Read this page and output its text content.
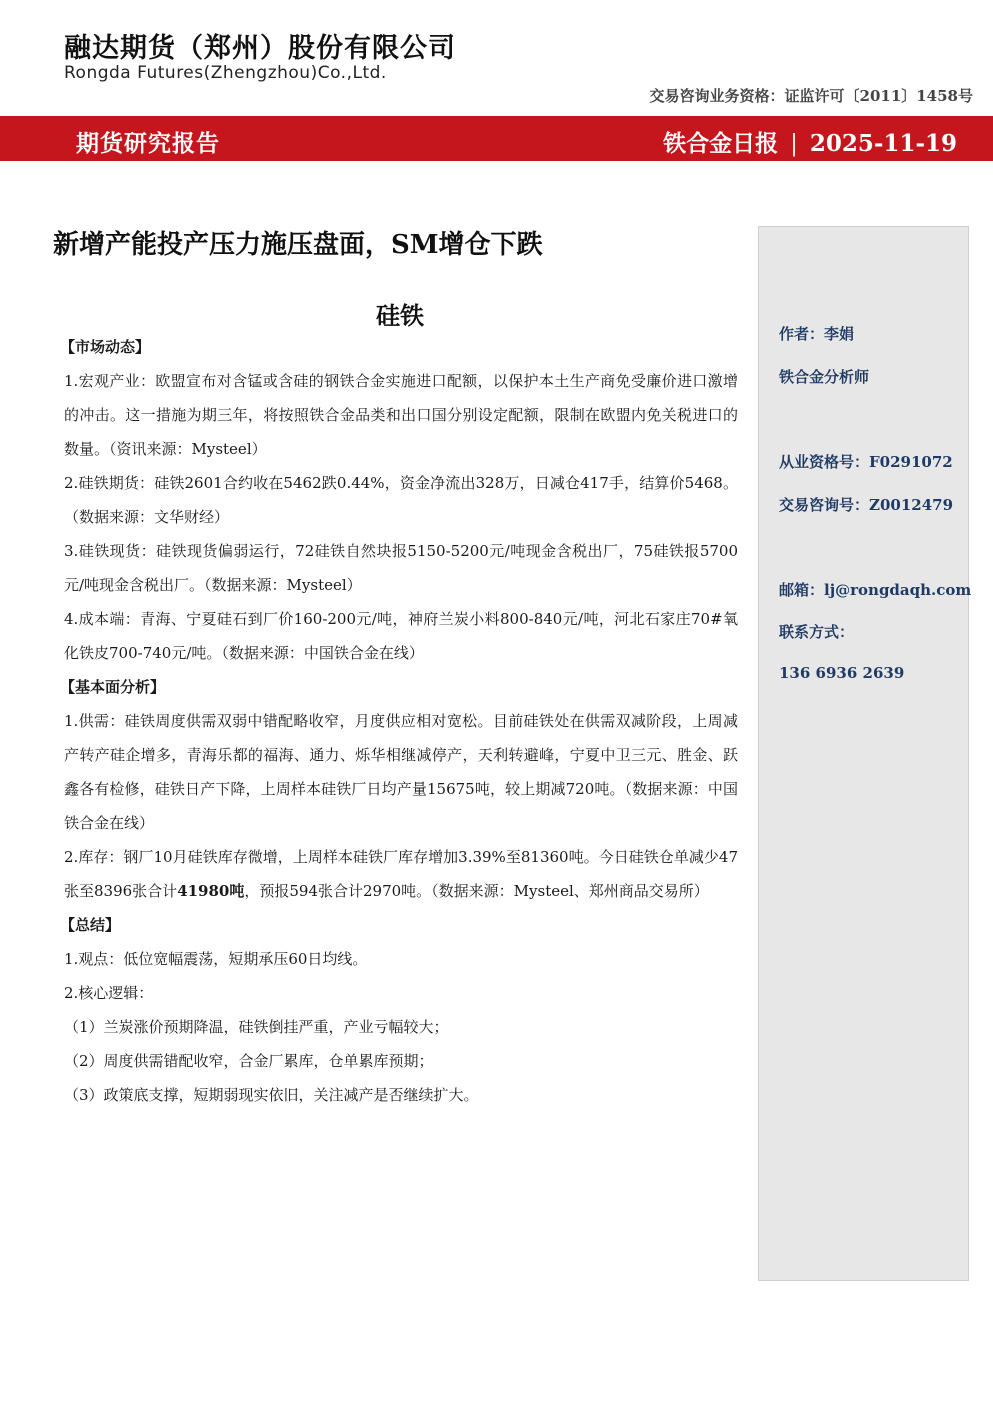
融达期货（郑州）股份有限公司
Rongda Futures(Zhengzhou)Co.,Ltd.
交易咨询业务资格：证监许可〔2011〕1458号
期货研究报告	铁合金日报 | 2025-11-19
新增产能投产压力施压盘面，SM增仓下跌
硅铁
【市场动态】

1.宏观产业：欧盟宣布对含锰或含硅的钢铁合金实施进口配额，以保护本土生产商免受廉价进口激增的冲击。这一措施为期三年，将按照铁合金品类和出口国分别设定配额，限制在欧盟内免关税进口的数量。（资讯来源：Mysteel）

2.硅铁期货：硅铁2601合约收在5462跌0.44%，资金净流出328万，日减仓417手，结算价5468。（数据来源：文华财经）

3.硅铁现货：硅铁现货偏弱运行，72硅铁自然块报5150-5200元/吨现金含税出厂，75硅铁报5700元/吨现金含税出厂。（数据来源：Mysteel）

4.成本端：青海、宁夏硅石到厂价160-200元/吨，神府兰炭小料800-840元/吨，河北石家庄70#氧化铁皮700-740元/吨。（数据来源：中国铁合金在线）

【基本面分析】

1.供需：硅铁周度供需双弱中错配略收窄，月度供应相对宽松。目前硅铁处在供需双减阶段，上周减产转产硅企增多，青海乐都的福海、通力、烁华相继减停产，天利转避峰，宁夏中卫三元、胜金、跃鑫各有检修，硅铁日产下降，上周样本硅铁厂日均产量15675吨，较上期减720吨。（数据来源：中国铁合金在线）

2.库存：钢厂10月硅铁库存微增，上周样本硅铁厂库存增加3.39%至81360吨。今日硅铁仓单减少47张至8396张合计41980吨，预报594张合计2970吨。（数据来源：Mysteel、郑州商品交易所）

【总结】

1.观点：低位宽幅震荡，短期承压60日均线。

2.核心逻辑：

（1）兰炭涨价预期降温，硅铁倒挂严重，产业亏幅较大；

（2）周度供需错配收窄，合金厂累库，仓单累库预期；

（3）政策底支撑，短期弱现实依旧，关注减产是否继续扩大。

作者：李娟
铁合金分析师
从业资格号：F0291072
交易咨询号：Z0012479
邮箱：lj@rongdaqh.com
联系方式：
136 6936 2639
